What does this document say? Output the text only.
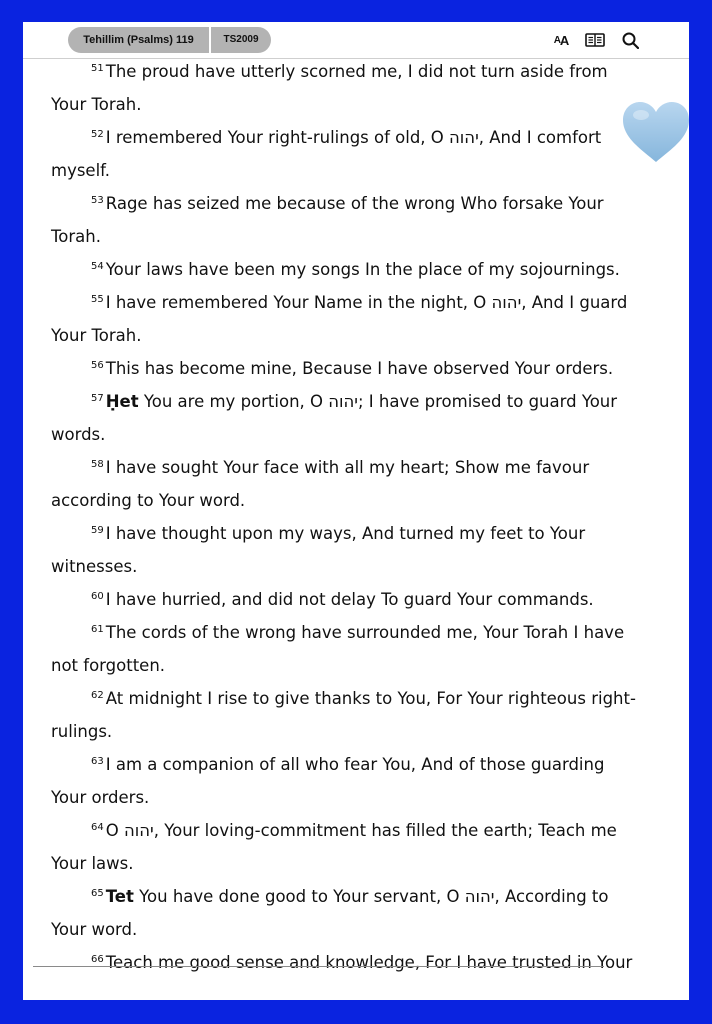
Tehillim (Psalms) 119	TS2009	A A
$^{51}$ The proud have utterly scorned me, I did not turn aside from
Your Torah.
$^{52}$ I remembered Your right-rulings of old, O יהוה, And I comfort
myself.
$^{53}$ Rage has seized me because of the wrong Who forsake Your
Torah.
$^{54}$ Your laws have been my songs In the place of my sojournings.
$^{55}$ I have remembered Your Name in the night, O יהוה, And I guard
Your Torah.
$^{56}$ This has become mine, Because I have observed Your orders.
$^{57}$ Ḥet You are my portion, O יהוה; I have promised to guard Your
words.
$^{58}$ I have sought Your face with all my heart; Show me favour
according to Your word.
$^{59}$ I have thought upon my ways, And turned my feet to Your
witnesses.
$^{60}$ I have hurried, and did not delay To guard Your commands.
$^{61}$ The cords of the wrong have surrounded me, Your Torah I have
not forgotten.
$^{62}$ At midnight I rise to give thanks to You, For Your righteous right-
rulings.
$^{63}$ I am a companion of all who fear You, And of those guarding
Your orders.
$^{64}$ O יהוה, Your loving-commitment has filled the earth; Teach me
Your laws.
$^{65}$ Tet You have done good to Your servant, O יהוה, According to
Your word.
$^{66}$ Teach me good sense and knowledge, For I have trusted in Your
